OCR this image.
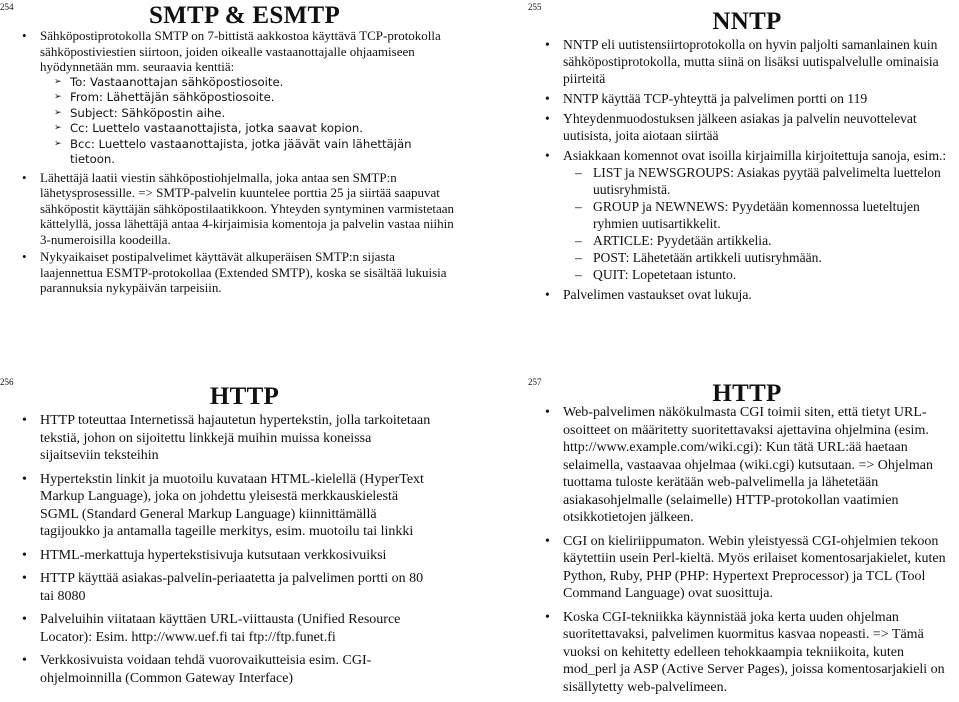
254	SMTP & ESMTP
• Sähköpostiprotokolla SMTP on 7-bittistä aakkostoa käyttävä TCP-protokolla sähköpostiviestien siirtoon, joiden oikealle vastaanottajalle ohjaamiseen hyödynnetään mm. seuraavia kenttiä:
➢ To: Vastaanottajan sähköpostiosoite.
➢ From: Lähettäjän sähköpostiosoite.
➢ Subject: Sähköpostin aihe.
➢ Cc: Luettelo vastaanottajista, jotka saavat kopion.
➢ Bcc: Luettelo vastaanottajista, jotka jäävät vain lähettäjän tietoon.
• Lähettäjä laatii viestin sähköpostiohjelmalla, joka antaa sen SMTP:n lähetysprosessille. => SMTP-palvelin kuuntelee porttia 25 ja siirtää saapuvat sähköpostit käyttäjän sähköpostilaatikkoon. Yhteyden syntyminen varmistetaan kättelyllä, jossa lähettäjä antaa 4-kirjaimisia komentoja ja palvelin vastaa niihin 3-numeroisilla koodeilla.
• Nykyaikaiset postipalvelimet käyttävät alkuperäisen SMTP:n sijasta laajennettua ESMTP-protokollaa (Extended SMTP), koska se sisältää lukuisia parannuksia nykypäivän tarpeisiin.
255
NNTP
• NNTP eli uutistensiirtoprotokolla on hyvin paljolti samanlainen kuin sähköpostiprotokolla, mutta siinä on lisäksi uutispalvelulle ominaisia piirteitä
• NNTP käyttää TCP-yhteyttä ja palvelimen portti on 119
• Yhteydenmuodostuksen jälkeen asiakas ja palvelin neuvottelevat uutisista, joita aiotaan siirtää
• Asiakkaan komennot ovat isoilla kirjaimilla kirjoitettuja sanoja, esim.:
– LIST ja NEWSGROUPS: Asiakas pyytää palvelimelta luettelon uutisryhmistä.
– GROUP ja NEWNEWS: Pyydetään komennossa lueteltujen ryhmien uutisartikkelit.
– ARTICLE: Pyydetään artikkelia.
– POST: Lähetetään artikkeli uutisryhmään.
– QUIT: Lopetetaan istunto.
• Palvelimen vastaukset ovat lukuja.
256
HTTP
• HTTP toteuttaa Internetissä hajautetun hypertekstin, jolla tarkoitetaan tekstiä, johon on sijoitettu linkkejä muihin muissa koneissa sijaitseviin teksteihin
• Hypertekstin linkit ja muotoilu kuvataan HTML-kielellä (HyperText Markup Language), joka on johdettu yleisestä merkkauskielestä SGML (Standard General Markup Language) kiinnittämällä tagijoukko ja antamalla tageille merkitys, esim. muotoilu tai linkki
• HTML-merkattuja hypertekstisivuja kutsutaan verkkosivuiksi
• HTTP käyttää asiakas-palvelin-periaatetta ja palvelimen portti on 80 tai 8080
• Palveluihin viitataan käyttäen URL-viittausta (Unified Resource Locator): Esim. http://www.uef.fi tai ftp://ftp.funet.fi
• Verkkosivuista voidaan tehdä vuorovaikutteisia esim. CGI-ohjelmoinnilla (Common Gateway Interface)
257	HTTP
• Web-palvelimen näkökulmasta CGI toimii siten, että tietyt URL-osoitteet on määritetty suoritettavaksi ajettavina ohjelmina (esim. http://www.example.com/wiki.cgi): Kun tätä URL:ää haetaan selaimella, vastaavaa ohjelmaa (wiki.cgi) kutsutaan. => Ohjelman tuottama tuloste kerätään web-palvelimella ja lähetetään asiakasohjelmalle (selaimelle) HTTP-protokollan vaatimien otsikkotietojen jälkeen.
• CGI on kieliriippumaton. Webin yleistyessä CGI-ohjelmien tekoon käytettiin usein Perl-kieltä. Myös erilaiset komentosarjakielet, kuten Python, Ruby, PHP (PHP: Hypertext Preprocessor) ja TCL (Tool Command Language) ovat suosittuja.
• Koska CGI-tekniikka käynnistää joka kerta uuden ohjelman suoritettavaksi, palvelimen kuormitus kasvaa nopeasti. => Tämä vuoksi on kehitetty edelleen tehokkaampia tekniikoita, kuten mod_perl ja ASP (Active Server Pages), joissa komentosarjakieli on sisällytetty web-palvelimeen.
